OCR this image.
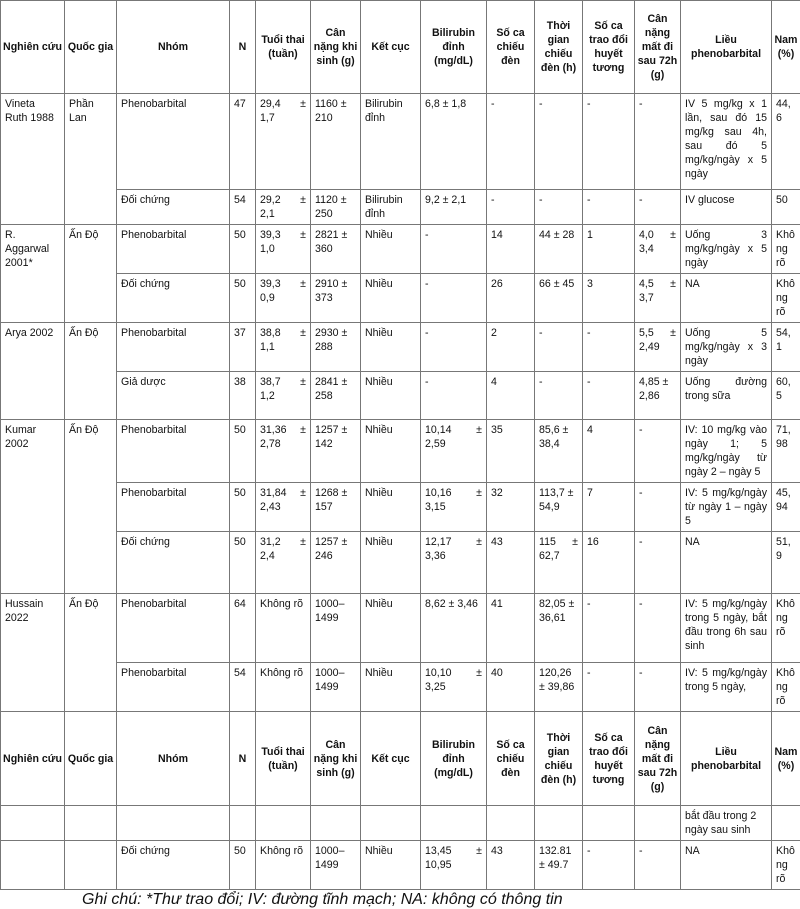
Nghiên cứu	Quốc gia	Nhóm	N	Tuổi thai (tuần)	Cân nặng khi sinh (g)	Kết cục	Bilirubin đỉnh (mg/dL)	Số ca chiếu đèn	Thời gian chiếu đèn (h)	Số ca trao đổi huyết tương	Cân nặng mất đi sau 72h (g)	Liều phenobarbital	Nam (%)
Vineta Ruth 1988	Phần Lan	Phenobarbital	47	29,4 ± 1,7	1160 ± 210	Bilirubin đỉnh	6,8 ± 1,8	-	-	-	-	IV 5 mg/kg x 1 lần, sau đó 15 mg/kg sau 4h, sau đó 5 mg/kg/ngày x 5 ngày	44,6
		Đối chứng	54	29,2 ± 2,1	1120 ± 250	Bilirubin đỉnh	9,2 ± 2,1	-	-	-	-	IV glucose	50
R. Aggarwal 2001*	Ấn Độ	Phenobarbital	50	39,3 ± 1,0	2821 ± 360	Nhiều	-	14	44 ± 28	1	4,0 ± 3,4	Uống 3 mg/kg/ngày x 5 ngày	Không rõ
		Đối chứng	50	39,3 ± 0,9	2910 ± 373	Nhiều	-	26	66 ± 45	3	4,5 ± 3,7	NA	Không rõ
Arya 2002	Ấn Độ	Phenobarbital	37	38,8 ± 1,1	2930 ± 288	Nhiều	-	2	-	-	5,5 ± 2,49	Uống 5 mg/kg/ngày x 3 ngày	54,1
		Giả dược	38	38,7 ± 1,2	2841 ± 258	Nhiều	-	4	-	-	4,85 ± 2,86	Uống đường trong sữa	60,5
Kumar 2002	Ấn Độ	Phenobarbital	50	31,36 ± 2,78	1257 ± 142	Nhiều	10,14 ± 2,59	35	85,6 ± 38,4	4	-	IV: 10 mg/kg vào ngày 1; 5 mg/kg/ngày từ ngày 2 – ngày 5	71,98
		Phenobarbital	50	31,84 ± 2,43	1268 ± 157	Nhiều	10,16 ± 3,15	32	113,7 ± 54,9	7	-	IV: 5 mg/kg/ngày từ ngày 1 – ngày 5	45,94
		Đối chứng	50	31,2 ± 2,4	1257 ± 246	Nhiều	12,17 ± 3,36	43	115 ± 62,7	16	-	NA	51,9
Hussain 2022	Ấn Độ	Phenobarbital	64	Không rõ	1000–1499	Nhiều	8,62 ± 3,46	41	82,05 ± 36,61	-	-	IV: 5 mg/kg/ngày trong 5 ngày, bắt đầu trong 6h sau sinh	Không rõ
		Phenobarbital	54	Không rõ	1000–1499	Nhiều	10,10 ± 3,25	40	120,26 ± 39,86	-	-	IV: 5 mg/kg/ngày trong 5 ngày,	Không rõ
Nghiên cứu	Quốc gia	Nhóm	N	Tuổi thai (tuần)	Cân nặng khi sinh (g)	Kết cục	Bilirubin đỉnh (mg/dL)	Số ca chiếu đèn	Thời gian chiếu đèn (h)	Số ca trao đổi huyết tương	Cân nặng mất đi sau 72h (g)	Liều phenobarbital	Nam (%)
												bắt đầu trong 2 ngày sau sinh	
		Đối chứng	50	Không rõ	1000–1499	Nhiều	13,45 ± 10,95	43	132.81 ± 49.7	-	-	NA	Không rõ
Ghi chú: *Thư trao đổi; IV: đường tĩnh mạch; NA: không có thông tin
